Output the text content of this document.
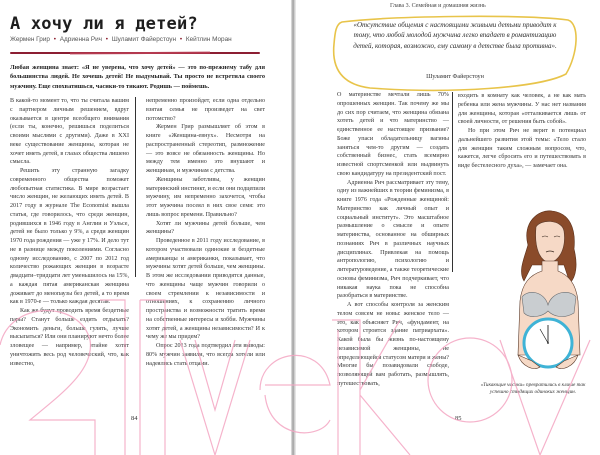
А хочу ли я детей?
Жермен Грир • Адриенна Рич • Шуламит Файерстоун • Кейтлин Моран

Любая женщина знает: «Я не уверена, что хочу детей» — это по-прежнему табу для большинства людей. Не хочешь детей! Не выдумывай. Ты просто не встретила своего мужчину. Еще спохватишься, часики-то тикают. Родишь — поймешь.

В какой-то момент то, что ты считала вашим с партнером личным решением, вдруг оказывается в центре всеобщего внимания (если ты, конечно, решишься поделиться своими мыслями с другими). Даже в XXI веке существование женщины, которая не хочет иметь детей, в глазах общества лишено смысла.

Решить эту странную загадку современного общества поможет любопытная статистика. В мире возрастает число женщин, не желающих иметь детей. В 2017 году в журнале The Economist вышла статья, где говорилось, что среди женщин, родившихся в 1946 году в Англии и Уэльсе, детей не было только у 9%, а среди женщин 1970 года рождения — уже у 17%. И дело тут не в разнице между поколениями. Согласно одному исследованию, с 2007 по 2012 год количество рожающих женщин в возрасте двадцати–тридцати лет уменьшилось на 15%, а каждая пятая американская женщина доживает до менопаузы без детей, а то время как в 1970-е — только каждая десятая.

Как же будут проводить время бездетные пары? Станут больше ездить отдыхать? Экономить деньги, больше гулять, лучше высыпаться? Или они планируют нечто более зловещее — например, втайне хотят уничтожить весь род человеческий, что, как известно,

непременно произойдет, если одна отдельно взятая семья не произведет на свет потомство?

Жермен Грир размышляет об этом в книге «Женщина-евнух». Несмотря на распространенный стереотип, размножение — это вовсе не обязанность женщины. Но между тем именно это внушают и женщинам, и мужчинам с детства.

Женщины заботливы, у женщин материнский инстинкт, и если они подцепили мужчину, им непременно захочется, чтобы этот мужчина посеял в них свое семя: это лишь вопрос времени. Правильно?

Хотят ли мужчины детей больше, чем женщины?

Проведенное в 2011 году исследование, в котором участвовали одинокие и бездетные американцы и американки, показывает, что мужчины хотят детей больше, чем женщины. В этом же исследовании приводятся данные, что женщины чаще мужчин говорили о своем стремлении к независимости и отношениях, к сохранению личного пространства и возможности тратить время на собственные интересы и хобби. Мужчины хотят детей, а женщины независимости? И к чему же мы придем?

Опрос 2013 года подтвердил эти выводы: 80% мужчин заявили, что всегда хотели или надеялись стать отцами.

84
Глава 3. Семейная и домашняя жизнь

«Отсутствие общения с настоящими живыми детьми приводит к тому, что любой молодой мужчина легко впадает в романтизацию детей, которая, возможно, ему самому в детстве была противна».

Шуламит Файерстоун

О материнстве мечтали лишь 70% опрошенных женщин. Так почему же мы до сих пор считаем, что женщина обязана хотеть детей и что материнство — единственное ее настоящее призвание? Боже упаси обладательницу вагины заняться чем-то другим — создать собственный бизнес, стать всемирно известной спортсменкой или выдвинуть свою кандидатуру на президентский пост.

Адриенна Рич рассматривает эту тему, одну из важнейших в теории феминизма, в книге 1976 года «Рожденные женщиной: Материнство как личный опыт и социальный институт». Это масштабное размышление о смысле и опыте материнства, основанное на обширных познаниях Рич в различных научных дисциплинах. Привлекая на помощь антропологию, психологию и литературоведение, а также теоретические основы феминизма, Рич подчеркивает, что никакая наука пока не способна разобраться в материнстве.

А вот способы контроля за женским телом совсем не новы: женское тело — это, как объясняет Рич, «фундамент, на котором строится здание патриархата». Какой была бы жизнь по-настоящему независимой женщины, не определяющейся статусом матери и жены? Многие бы позавидовали свободе, позволяющей вам работать, размышлять, путешествовать,

входить в комнату как человек, а не как мать ребенка или жена мужчины. У нас нет названия для женщины, которая «отталкивается лишь от своей личности, от решения быть собой».

Но при этом Рич не верит в потенциал дальнейшего развития этой темы: «Тело стало для женщин таким сложным вопросом, что, кажется, легче сбросить его и путешествовать в виде бестелесного духа», — замечает она.

«Тикающие часики» превратились в клише так успешно стыдящих одиноких женщин.

85
